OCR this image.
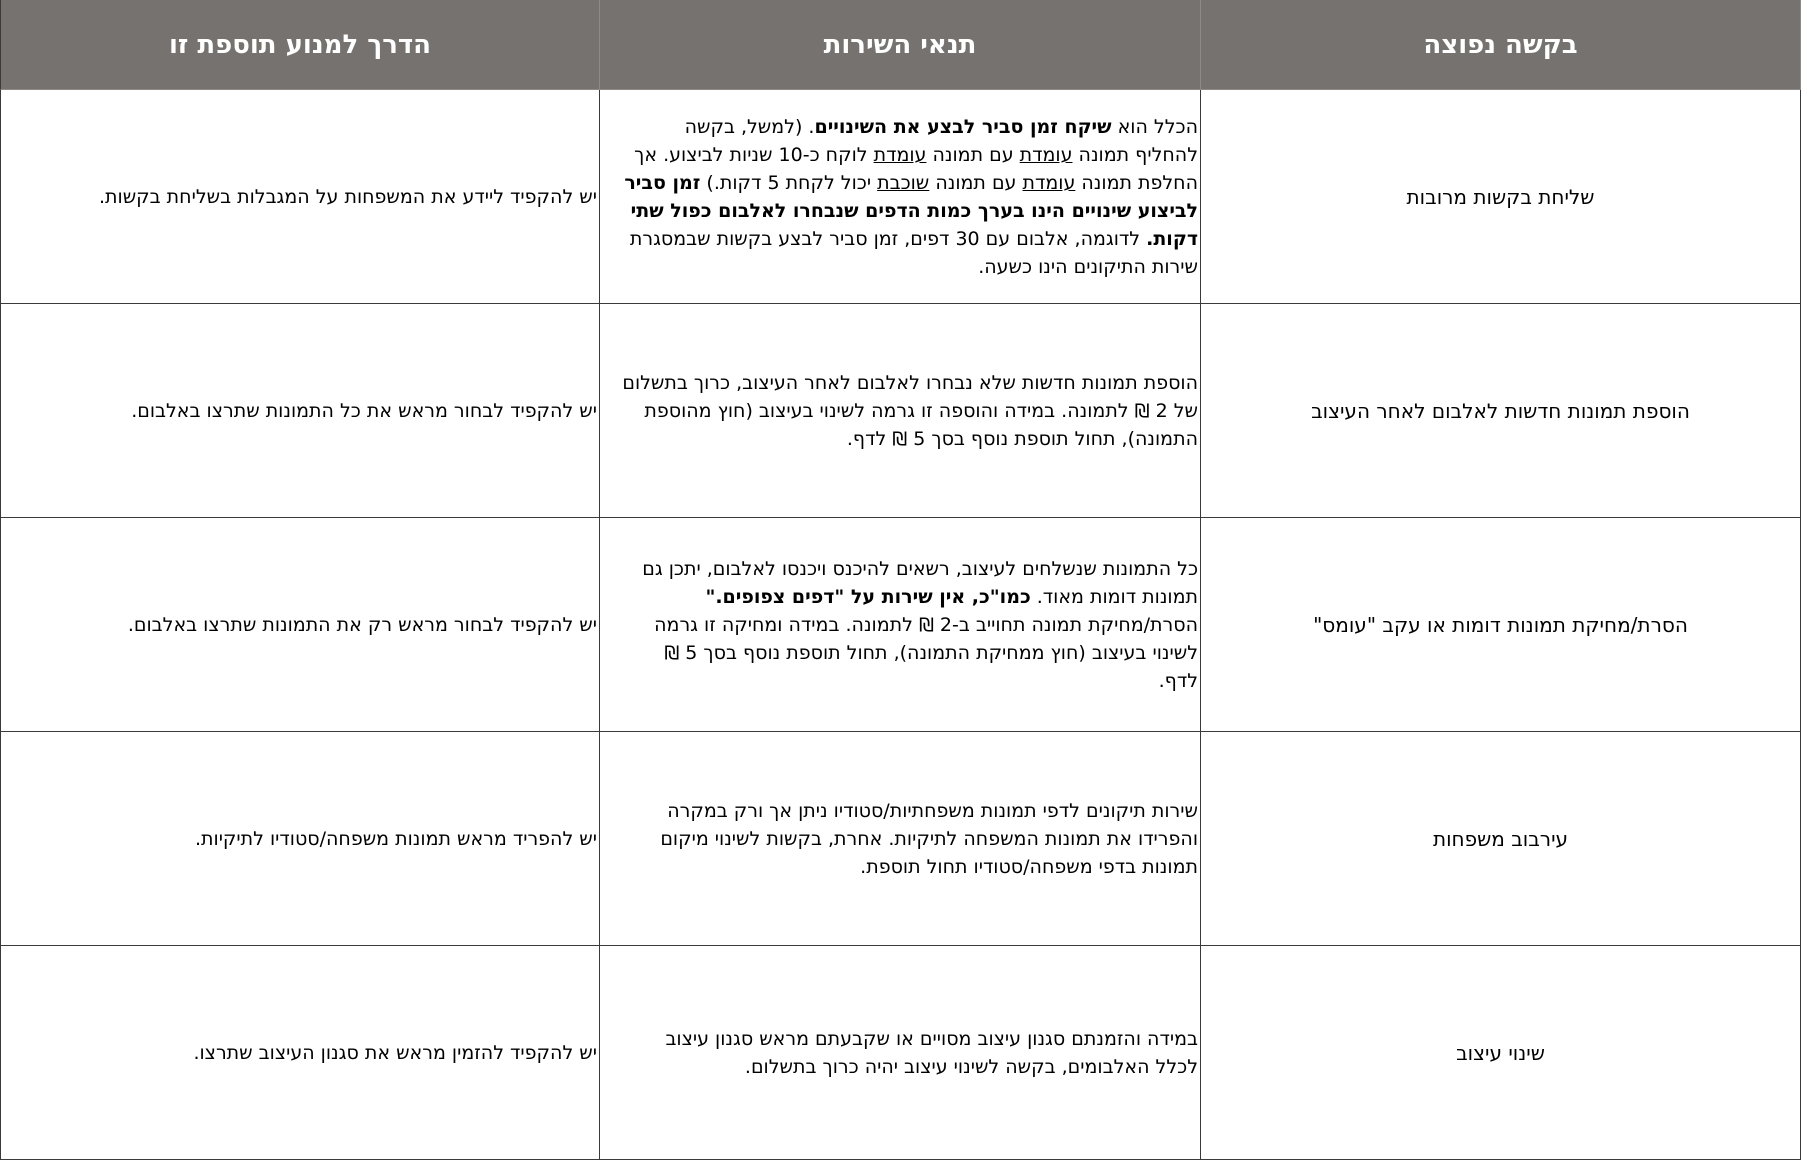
הדרך למנוע תוספת זו	תנאי השירות	בקשה נפוצה
יש להקפיד ליידע את המשפחות על המגבלות בשליחת בקשות.
הכלל הוא שיקח זמן סביר לבצע את השינויים. (למשל, בקשה להחליף תמונה עומדת עם תמונה עומדת לוקח כ-10 שניות לביצוע. אך החלפת תמונה עומדת עם תמונה שוכבת יכול לקחת 5 דקות.) זמן סביר לביצוע שינויים הינו בערך כמות הדפים שנבחרו לאלבום כפול שתי דקות. לדוגמה, אלבום עם 30 דפים, זמן סביר לבצע בקשות שבמסגרת שירות התיקונים הינו כשעה.
שליחת בקשות מרובות
יש להקפיד לבחור מראש את כל התמונות שתרצו באלבום.
הוספת תמונות חדשות שלא נבחרו לאלבום לאחר העיצוב, כרוך בתשלום של 2 ₪ לתמונה. במידה והוספה זו גרמה לשינוי בעיצוב (חוץ מהוספת התמונה), תחול תוספת נוסף בסך 5 ₪ לדף.
הוספת תמונות חדשות לאלבום לאחר העיצוב
יש להקפיד לבחור מראש רק את התמונות שתרצו באלבום.
כל התמונות שנשלחים לעיצוב, רשאים להיכנס ויכנסו לאלבום, יתכן גם תמונות דומות מאוד. כמו"כ, אין שירות על "דפים צפופים." הסרת/מחיקת תמונה תחוייב ב-2 ₪ לתמונה. במידה ומחיקה זו גרמה לשינוי בעיצוב (חוץ ממחיקת התמונה), תחול תוספת נוסף בסך 5 ₪ לדף.
הסרת/מחיקת תמונות דומות או עקב "עומס"
יש להפריד מראש תמונות משפחה/סטודיו לתיקיות.
שירות תיקונים לדפי תמונות משפחתיות/סטודיו ניתן אך ורק במקרה והפרידו את תמונות המשפחה לתיקיות. אחרת, בקשות לשינוי מיקום תמונות בדפי משפחה/סטודיו תחול תוספת.
עירבוב משפחות
יש להקפיד להזמין מראש את סגנון העיצוב שתרצו.
במידה והזמנתם סגנון עיצוב מסויים או שקבעתם מראש סגנון עיצוב לכלל האלבומים, בקשה לשינוי עיצוב יהיה כרוך בתשלום.
שינוי עיצוב
